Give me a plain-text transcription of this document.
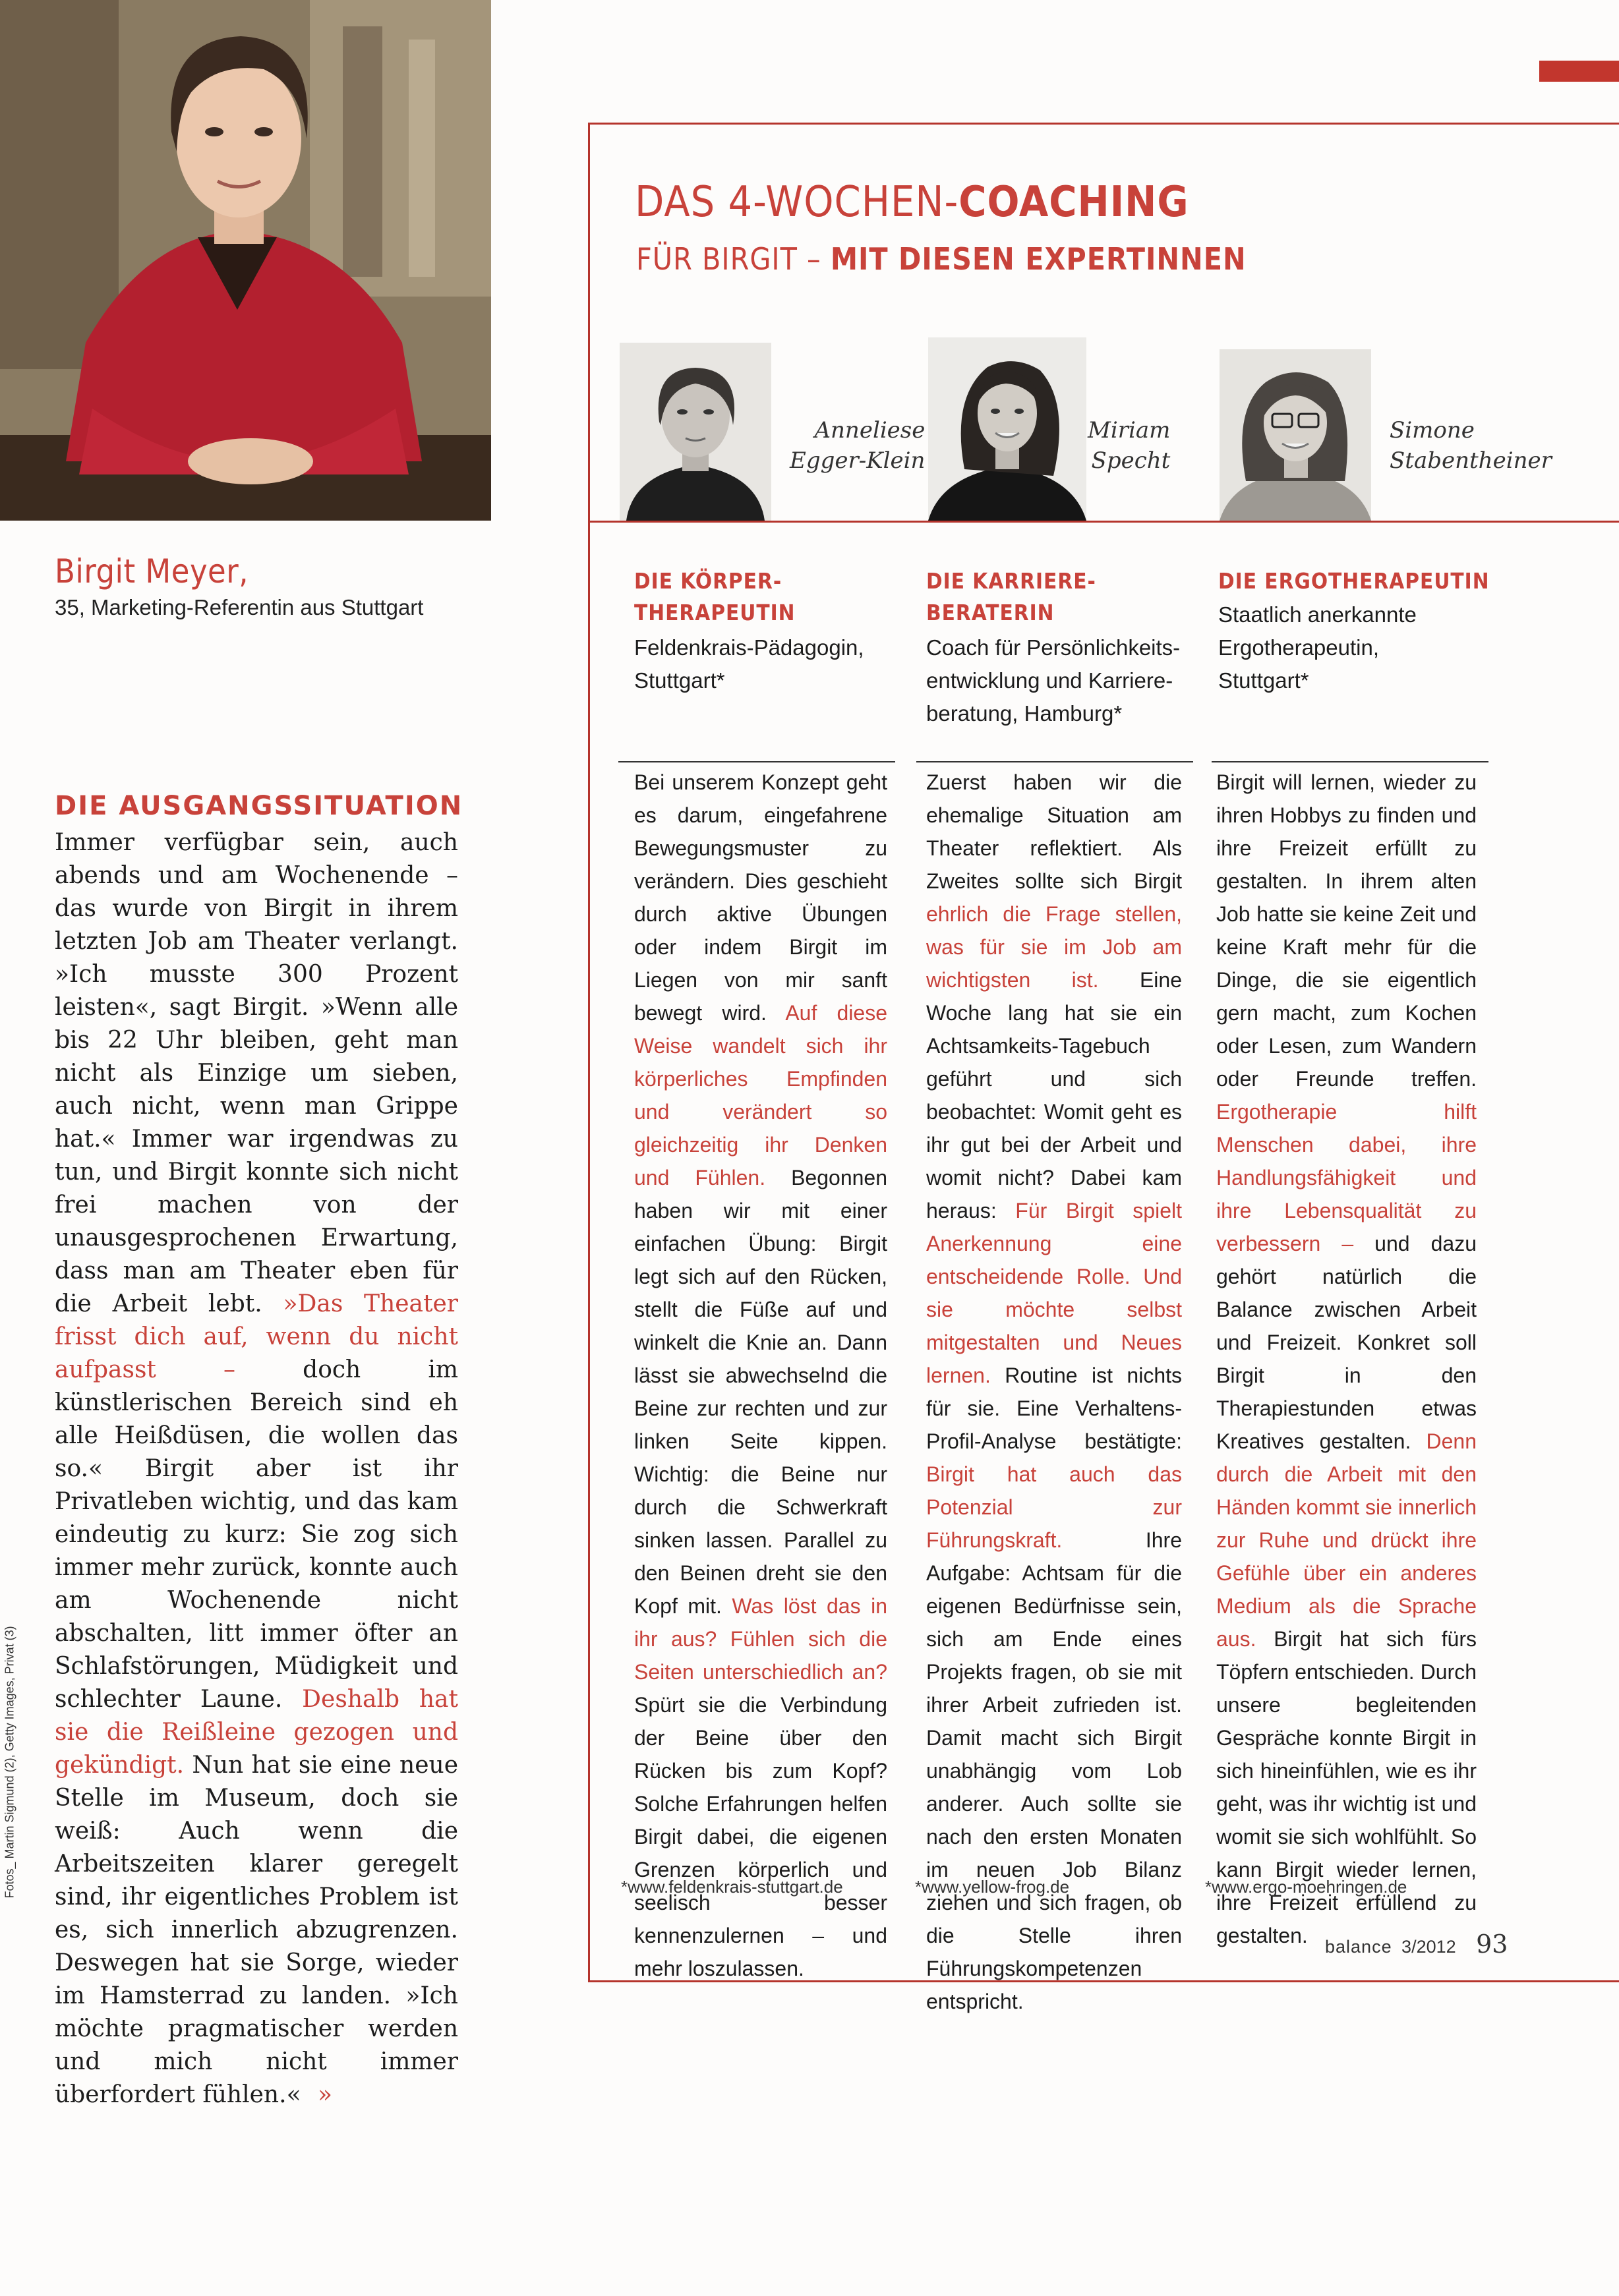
Birgit Meyer,
35, Marketing-Referentin aus Stuttgart
DIE AUSGANGSSITUATION
Immer verfügbar sein, auch abends und am Wochenende – das wurde von Birgit in ihrem letzten Job am Theater verlangt. »Ich musste 300 Prozent leisten«, sagt Birgit. »Wenn alle bis 22 Uhr bleiben, geht man nicht als Einzige um sieben, auch nicht, wenn man Grippe hat.« Immer war irgendwas zu tun, und Birgit konnte sich nicht frei machen von der unausgesprochenen Erwartung, dass man am Theater eben für die Arbeit lebt. »Das Theater frisst dich auf, wenn du nicht aufpasst –	doch im künstlerischen Bereich sind eh alle Heißdüsen, die wollen das so.« Birgit aber ist ihr Privatleben wichtig, und das kam eindeutig zu kurz: Sie zog sich immer mehr zurück, konnte auch am Wochenende nicht abschalten, litt immer öfter an Schlafstörungen, Müdigkeit und schlechter Laune. Deshalb hat sie die Reißleine gezogen und gekündigt. Nun hat sie eine neue Stelle im Museum, doch sie weiß: Auch wenn die Arbeitszeiten klarer geregelt sind, ihr eigentliches Problem ist es, sich innerlich abzugrenzen. Deswegen hat sie Sorge, wieder im Hamsterrad zu landen. »Ich möchte pragmatischer werden und mich nicht immer überfordert fühlen.« »
Fotos_ Martin Sigmund (2), Getty Images, Privat (3)
DAS 4-WOCHEN-COACHING
FÜR BIRGIT – MIT DIESEN EXPERTINNEN
Anneliese
Egger-Klein
Miriam
Specht
Simone
Stabentheiner
DIE KÖRPER-
THERAPEUTIN
Feldenkrais-Pädagogin,
Stuttgart*
Bei unserem Konzept geht es darum, eingefahrene Bewegungsmuster zu verändern. Dies geschieht durch aktive Übungen oder indem Birgit im Liegen von mir sanft bewegt wird. Auf diese Weise wandelt sich ihr körperliches Empfinden und verändert so gleichzeitig ihr Denken und Fühlen. Begonnen haben wir mit einer einfachen Übung: Birgit legt sich auf den Rücken, stellt die Füße auf und winkelt die Knie an. Dann lässt sie abwechselnd die Beine zur rechten und zur linken Seite kippen. Wichtig: die Beine nur durch die Schwerkraft sinken lassen. Parallel zu den Beinen dreht sie den Kopf mit. Was löst das in ihr aus? Fühlen sich die Seiten unterschiedlich an? Spürt sie die Verbindung der Beine über den Rücken bis zum Kopf? Solche Erfahrungen helfen Birgit dabei, die eigenen Grenzen körperlich und seelisch besser kennenzulernen – und mehr loszulassen.
*www.feldenkrais-stuttgart.de
DIE KARRIERE-
BERATERIN
Coach für Persönlichkeits-
entwicklung und Karriere-
beratung, Hamburg*
Zuerst haben wir die ehemalige Situation am Theater reflektiert. Als Zweites sollte sich Birgit ehrlich die Frage stellen, was für sie im Job am wichtigsten ist. Eine Woche lang hat sie ein Achtsamkeits-Tagebuch geführt und sich beobachtet: Womit geht es ihr gut bei der Arbeit und womit nicht? Dabei kam heraus: Für Birgit spielt Anerkennung eine entscheidende Rolle. Und sie möchte selbst mitgestalten und Neues lernen. Routine ist nichts für sie. Eine Verhaltens-Profil-Analyse bestätigte: Birgit hat auch das Potenzial zur Führungskraft. Ihre Aufgabe: Achtsam für die eigenen Bedürfnisse sein, sich am Ende eines Projekts fragen, ob sie mit ihrer Arbeit zufrieden ist. Damit macht sich Birgit unabhängig vom Lob anderer. Auch sollte sie nach den ersten Monaten im neuen Job Bilanz ziehen und sich fragen, ob die Stelle ihren Führungskompetenzen entspricht.
*www.yellow-frog.de
DIE ERGOTHERAPEUTIN
Staatlich anerkannte
Ergotherapeutin,
Stuttgart*
Birgit will lernen, wieder zu ihren Hobbys zu finden und ihre Freizeit erfüllt zu gestalten. In ihrem alten Job hatte sie keine Zeit und keine Kraft mehr für die Dinge, die sie eigentlich gern macht, zum Kochen oder Lesen, zum Wandern oder Freunde treffen. Ergotherapie hilft Menschen dabei, ihre Handlungsfähigkeit und ihre Lebensqualität zu verbessern – und dazu gehört natürlich die Balance zwischen Arbeit und Freizeit. Konkret soll Birgit in den Therapiestunden etwas Kreatives gestalten. Denn durch die Arbeit mit den Händen kommt sie innerlich zur Ruhe und drückt ihre Gefühle über ein anderes Medium als die Sprache aus. Birgit hat sich fürs Töpfern entschieden. Durch unsere begleitenden Gespräche konnte Birgit in sich hineinfühlen, wie es ihr geht, was ihr wichtig ist und womit sie sich wohlfühlt. So kann Birgit wieder lernen, ihre Freizeit erfüllend zu gestalten.
*www.ergo-moehringen.de
balance 3/2012 93
